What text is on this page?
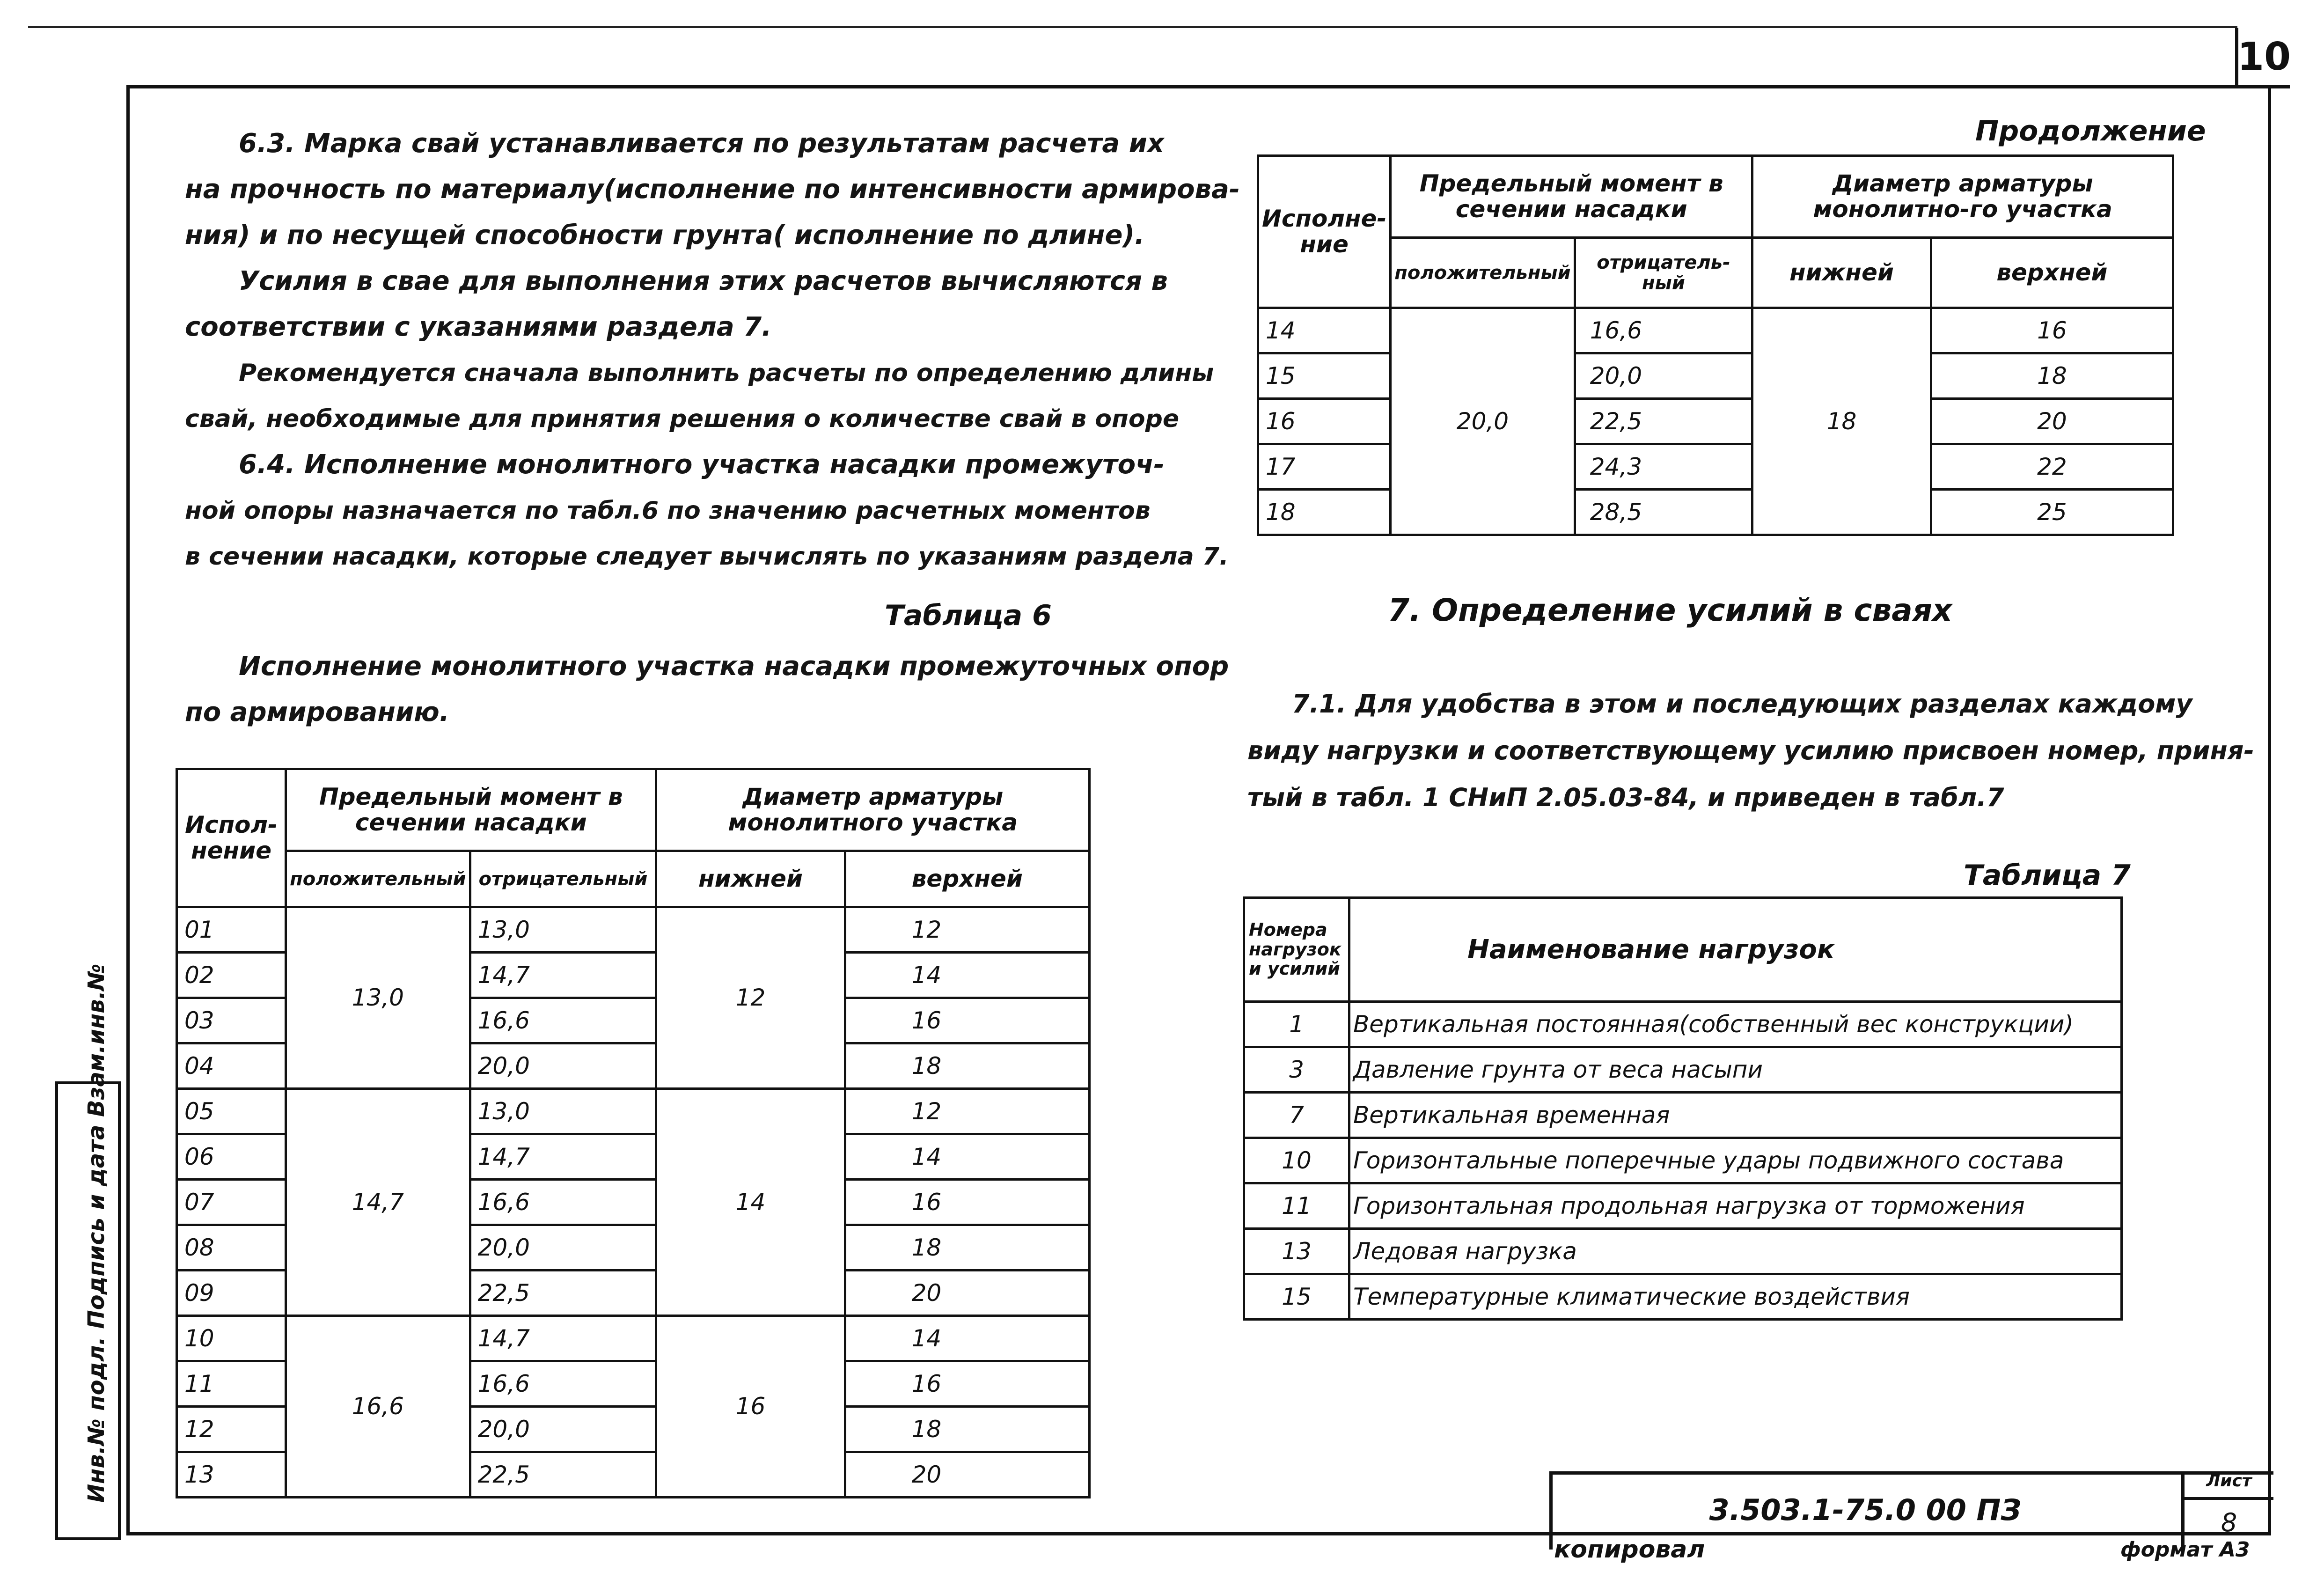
10
Инв.№ подл. Подпись и дата Взам.инв.№
6.3. Марка свай устанавливается по результатам расчета их
на прочность по материалу(исполнение по интенсивности армирова-
ния) и по несущей способности грунта( исполнение по длине).
Усилия в свае для выполнения этих расчетов вычисляются в
соответствии с указаниями раздела 7.
Рекомендуется сначала выполнить расчеты по определению длины
свай, необходимые для принятия решения о количестве свай в опоре
6.4. Исполнение монолитного участка насадки промежуточ-
ной опоры назначается по табл.6 по значению расчетных моментов
в сечении насадки, которые следует вычислять по указаниям раздела 7.
Таблица 6
Исполнение монолитного участка насадки промежуточных опор
по армированию.
Испол-нение	Предельный момент в сечении насадки		Диаметр арматуры монолитного участка	
	положительный	отрицательный	нижней	верхней
01	13,0	13,0	12	12
02		14,7		14
03		16,6		16
04		20,0		18
05	14,7	13,0	14	12
06		14,7		14
07		16,6		16
08		20,0		18
09		22,5		20
10	16,6	14,7	16	14
11		16,6		16
12		20,0		18
13		22,5		20
Продолжение
Исполне-ние	Предельный момент в сечении насадки		Диаметр арматуры монолитно-го участка	
	положительный	отрицатель-ный	нижней	верхней
14	20,0	16,6	18	16
15		20,0		18
16		22,5		20
17		24,3		22
18		28,5		25
7. Определение усилий в сваях
7.1. Для удобства в этом и последующих разделах каждому
виду нагрузки и соответствующему усилию присвоен номер, приня-
тый в табл. 1 СНиП 2.05.03-84, и приведен в табл.7
Таблица 7
Номера нагрузок и усилий	Наименование нагрузок
1	Вертикальная постоянная(собственный вес конструкции)
3	Давление грунта от веса насыпи
7	Вертикальная временная
10	Горизонтальные поперечные удары подвижного состава
11	Горизонтальная продольная нагрузка от торможения
13	Ледовая нагрузка
15	Температурные климатические воздействия
3.503.1-75.0 00 ПЗ
Лист
8
копировал	формат А3
